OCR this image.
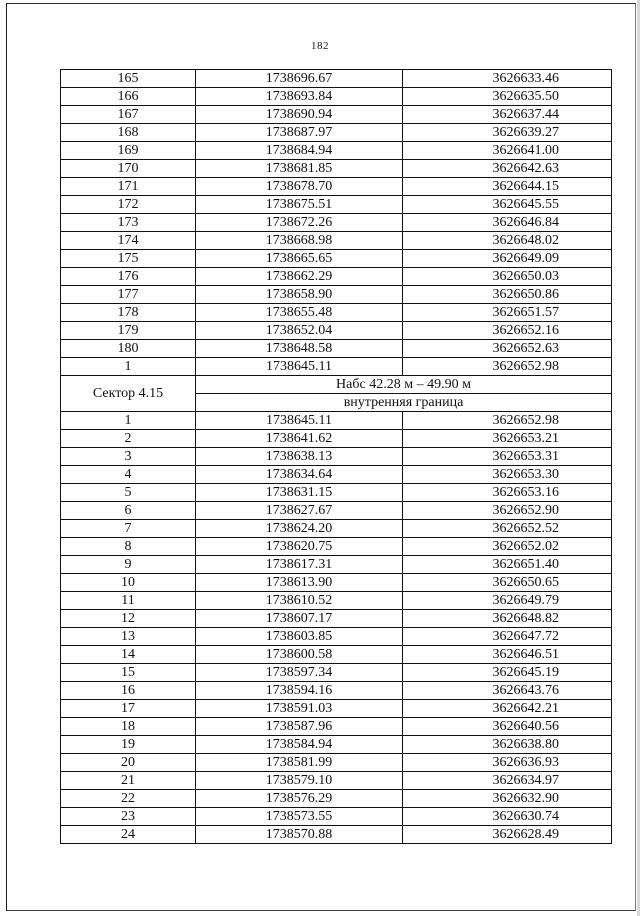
182
165	1738696.67	3626633.46
166	1738693.84	3626635.50
167	1738690.94	3626637.44
168	1738687.97	3626639.27
169	1738684.94	3626641.00
170	1738681.85	3626642.63
171	1738678.70	3626644.15
172	1738675.51	3626645.55
173	1738672.26	3626646.84
174	1738668.98	3626648.02
175	1738665.65	3626649.09
176	1738662.29	3626650.03
177	1738658.90	3626650.86
178	1738655.48	3626651.57
179	1738652.04	3626652.16
180	1738648.58	3626652.63
1	1738645.11	3626652.98
Сектор 4.15	Набс 42.28 м – 49.90 м	
	внутренняя граница	
1	1738645.11	3626652.98
2	1738641.62	3626653.21
3	1738638.13	3626653.31
4	1738634.64	3626653.30
5	1738631.15	3626653.16
6	1738627.67	3626652.90
7	1738624.20	3626652.52
8	1738620.75	3626652.02
9	1738617.31	3626651.40
10	1738613.90	3626650.65
11	1738610.52	3626649.79
12	1738607.17	3626648.82
13	1738603.85	3626647.72
14	1738600.58	3626646.51
15	1738597.34	3626645.19
16	1738594.16	3626643.76
17	1738591.03	3626642.21
18	1738587.96	3626640.56
19	1738584.94	3626638.80
20	1738581.99	3626636.93
21	1738579.10	3626634.97
22	1738576.29	3626632.90
23	1738573.55	3626630.74
24	1738570.88	3626628.49
